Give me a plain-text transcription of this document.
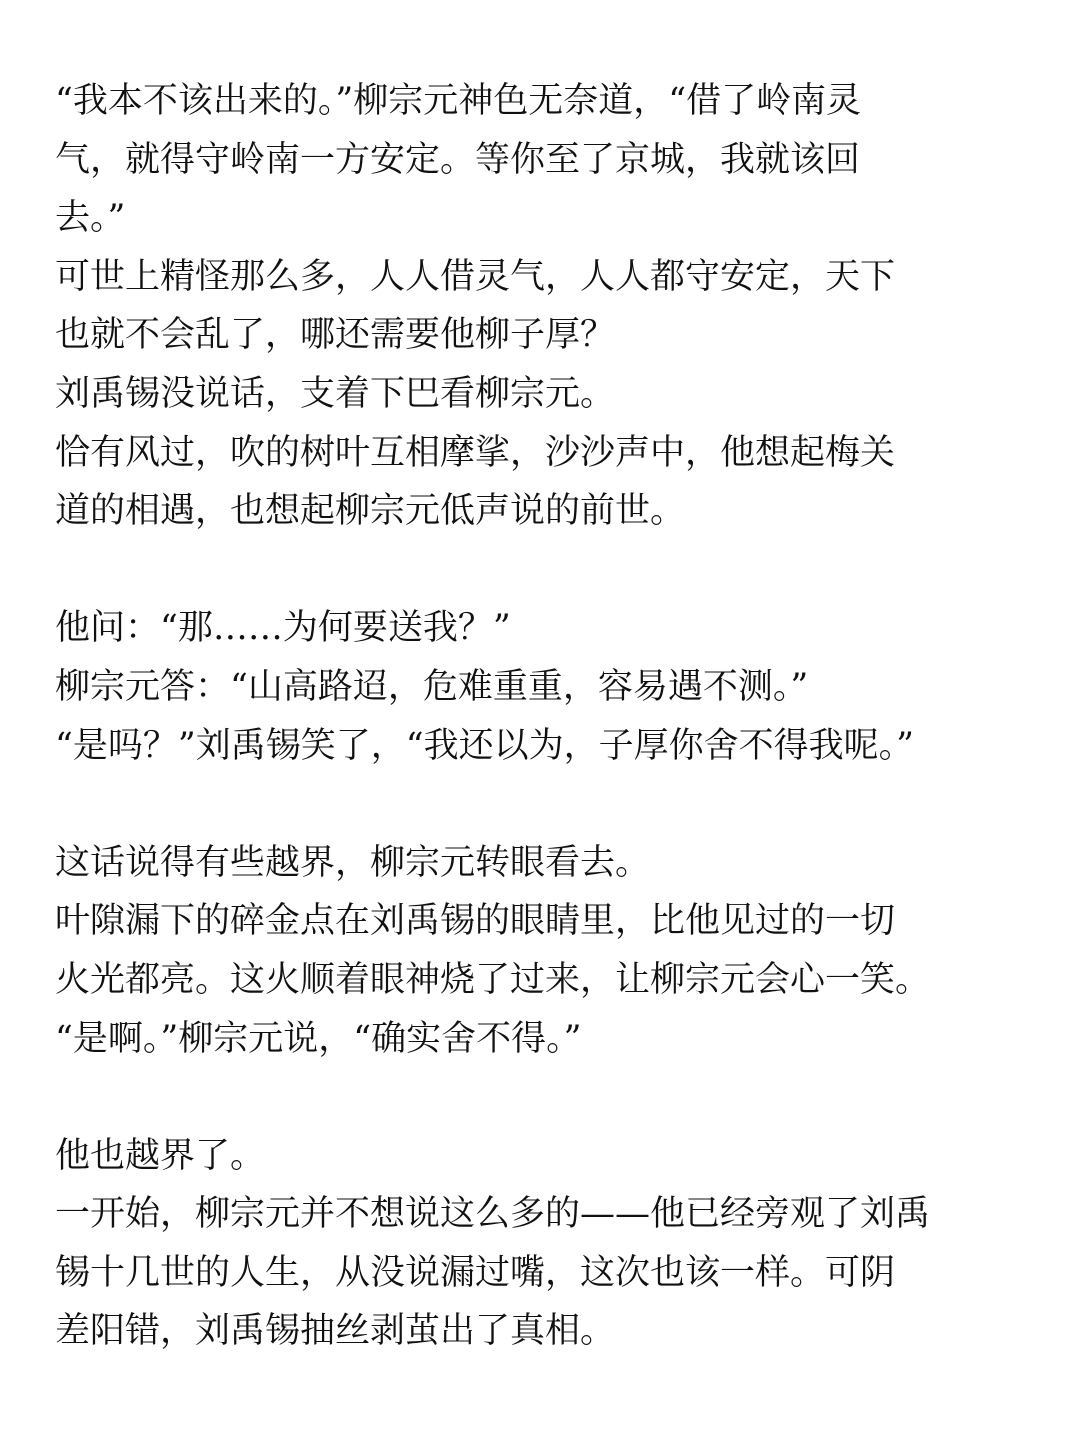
“我本不该出来的。”柳宗元神色无奈道，“借了岭南灵
气，就得守岭南一方安定。等你至了京城，我就该回
去。”
可世上精怪那么多，人人借灵气，人人都守安定，天下
也就不会乱了，哪还需要他柳子厚？
刘禹锡没说话，支着下巴看柳宗元。
恰有风过，吹的树叶互相摩挲，沙沙声中，他想起梅关
道的相遇，也想起柳宗元低声说的前世。
他问：“那……为何要送我？”
柳宗元答：“山高路迢，危难重重，容易遇不测。”
“是吗？”刘禹锡笑了，“我还以为，子厚你舍不得我呢。”
这话说得有些越界，柳宗元转眼看去。
叶隙漏下的碎金点在刘禹锡的眼睛里，比他见过的一切
火光都亮。这火顺着眼神烧了过来，让柳宗元会心一笑。
“是啊。”柳宗元说，“确实舍不得。”
他也越界了。
一开始，柳宗元并不想说这么多的——他已经旁观了刘禹
锡十几世的人生，从没说漏过嘴，这次也该一样。可阴
差阳错，刘禹锡抽丝剥茧出了真相。
